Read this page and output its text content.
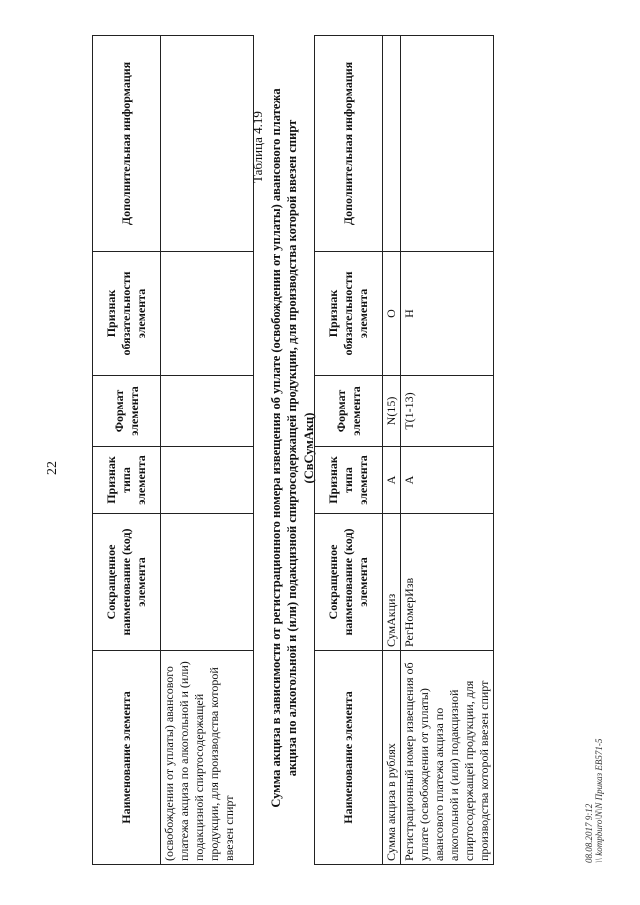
22
Наименование элемента	Сокращенное наименование (код) элемента	Признак типа элемента	Формат элемента	Признак обязательности элемента	Дополнительная информация
(освобождении от уплаты) авансового платежа акциза по алкогольной и (или) подакцизной спиртосодержащей продукции, для производства которой ввезен спирт					
Таблица 4.19 Сумма акциза в зависимости от регистрационного номера извещения об уплате (освобождении от уплаты) авансового платежа акциза по алкогольной и (или) подакцизной спиртосодержащей продукции, для производства которой ввезен спирт (СвСумАкц)
Наименование элемента	Сокращенное наименование (код) элемента	Признак типа элемента	Формат элемента	Признак обязательности элемента	Дополнительная информация
Сумма акциза в рублях	СумАкциз	А	N(15)	О	
Регистрационный номер извещения об уплате (освобождении от уплаты) авансового платежа акциза по алкогольной и (или) подакцизной спиртосодержащей продукции, для производства которой ввезен спирт	РегНомерИзв	А	T(1-13)	Н	
08.08.2017 9:12 \\ kompburo\N\N Приказ ЕВ571-5
